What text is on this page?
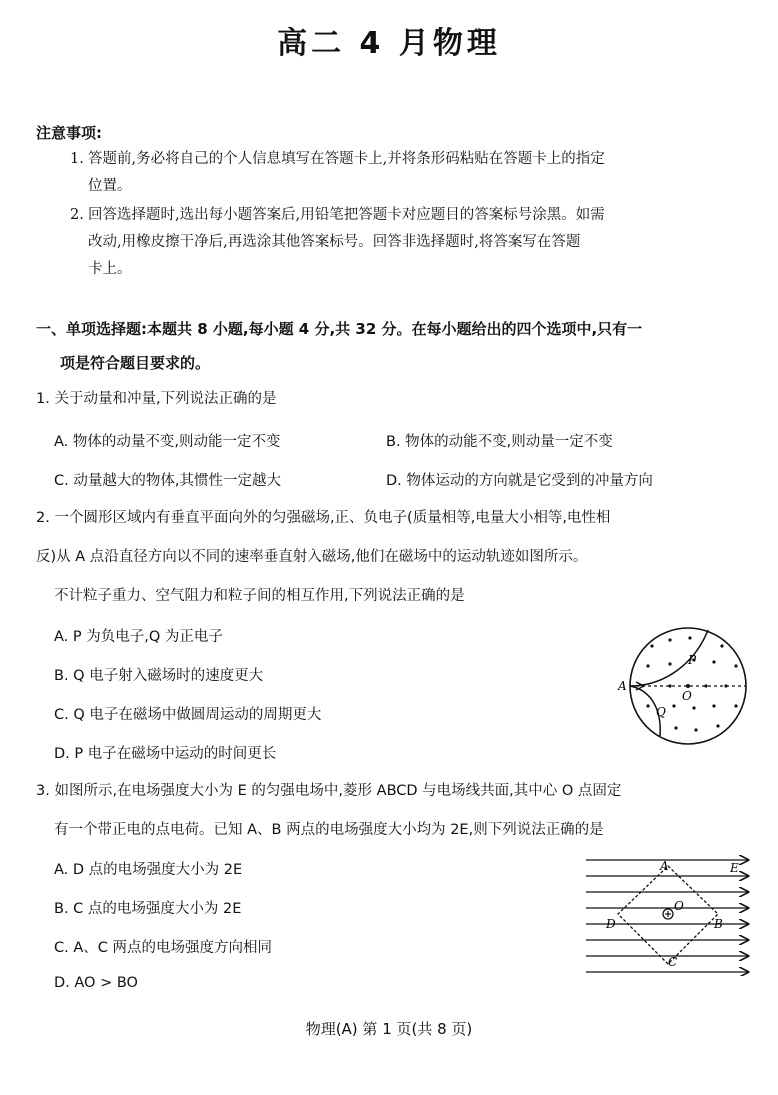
高二 4 月物理
注意事项:
1. 答题前,务必将自己的个人信息填写在答题卡上,并将条形码粘贴在答题卡上的指定
位置。
2. 回答选择题时,选出每小题答案后,用铅笔把答题卡对应题目的答案标号涂黑。如需
改动,用橡皮擦干净后,再选涂其他答案标号。回答非选择题时,将答案写在答题
卡上。
一、单项选择题:本题共 8 小题,每小题 4 分,共 32 分。在每小题给出的四个选项中,只有一
项是符合题目要求的。
1. 关于动量和冲量,下列说法正确的是
A. 物体的动量不变,则动能一定不变	B. 物体的动能不变,则动量一定不变
C. 动量越大的物体,其惯性一定越大	D. 物体运动的方向就是它受到的冲量方向
2. 一个圆形区域内有垂直平面向外的匀强磁场,正、负电子(质量相等,电量大小相等,电性相
反)从 A 点沿直径方向以不同的速率垂直射入磁场,他们在磁场中的运动轨迹如图所示。
不计粒子重力、空气阻力和粒子间的相互作用,下列说法正确的是
A. P 为负电子,Q 为正电子
B. Q 电子射入磁场时的速度更大
C. Q 电子在磁场中做圆周运动的周期更大
D. P 电子在磁场中运动的时间更长
A
O
P
Q
3. 如图所示,在电场强度大小为 E 的匀强电场中,菱形 ABCD 与电场线共面,其中心 O 点固定
有一个带正电的点电荷。已知 A、B 两点的电场强度大小均为 2E,则下列说法正确的是
A. D 点的电场强度大小为 2E
B. C 点的电场强度大小为 2E
C. A、C 两点的电场强度方向相同
D. AO > BO
A
B
C
D
O
E
物理(A) 第 1 页(共 8 页)
